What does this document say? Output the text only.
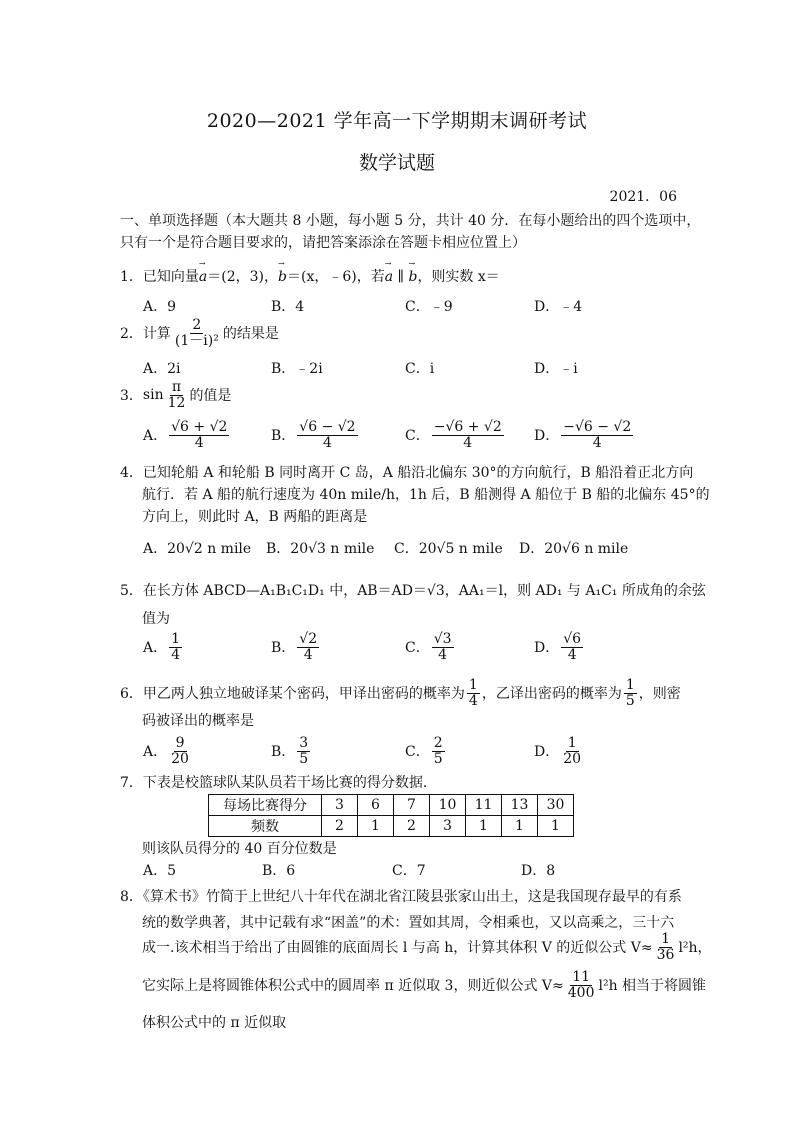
2020—2021 学年高一下学期期末调研考试
数学试题
2021．06
一、单项选择题（本大题共 8 小题，每小题 5 分，共计 40 分．在每小题给出的四个选项中，
只有一个是符合题目要求的，请把答案添涂在答题卡相应位置上）
1．已知向量→ a＝(2，3)，→ b＝(x，﹣6)，若→ a ∥ → b，则实数 x＝
A．9	B．4	C．﹣9	D．﹣4
2． 计算 $\frac{2}{\text{(1－i)²}}$ 的结果是
A．2i	B．﹣2i	C．i	D．﹣i
3． $\sin \frac{\pi}{12}$ 的值是
A． $\frac{√6 + √2}{4}$	B． $\frac{√6 - √2}{4}$	C． $\frac{-√6 + √2}{4}$ D． $\frac{-√6 - √2}{4}$
4．已知轮船 A 和轮船 B 同时离开 C 岛，A 船沿北偏东 30°的方向航行，B 船沿着正北方向
航行．若 A 船的航行速度为 40n mile/h，1h 后，B 船测得 A 船位于 B 船的北偏东 45°的
方向上，则此时 A，B 两船的距离是
A．20√2 n mile B．20√3 n mile C．20√5 n mile D．20√6 n mile
5．在长方体 ABCD—A₁B₁C₁D₁ 中，AB＝AD＝√3，AA₁＝l，则 AD₁ 与 A₁C₁ 所成角的余弦
值为
A． $\frac{1}{4}$	B． $\frac{√2}{4}$	C． $\frac{√3}{4}$	D． $\frac{√6}{4}$
6． 甲乙两人独立地破译某个密码，甲译出密码的概率为 $\frac{1}{4}$ ，乙译出密码的概率为 $\frac{1}{5}$ ，则密
码被译出的概率是
A． $\frac{9}{20}$	B． $\frac{3}{5}$	C． $\frac{2}{5}$	D． $\frac{1}{20}$
7．下表是校篮球队某队员若干场比赛的得分数据．
每场比赛得分	3	6	7	10	11	13	30
频数	2	1	2	3	1	1	1
则该队员得分的 40 百分位数是
A．5	B．6	C．7	D．8
8．《算术书》竹简于上世纪八十年代在湖北省江陵县张家山出土，这是我国现存最早的有系
统的数学典著，其中记载有求“困盖”的术：置如其周，令相乘也，又以高乘之，三十六
成一.该术相当于给出了由圆锥的底面周长 l 与高 h，计算其体积 V 的近似公式 $V\approx \frac{1}{36} l^2h$，
它实际上是将圆锥体积公式中的圆周率 π 近似取 3，则近似公式 $V\approx \frac{11}{400} l^2h$ 相当于将圆锥
体积公式中的 π 近似取
